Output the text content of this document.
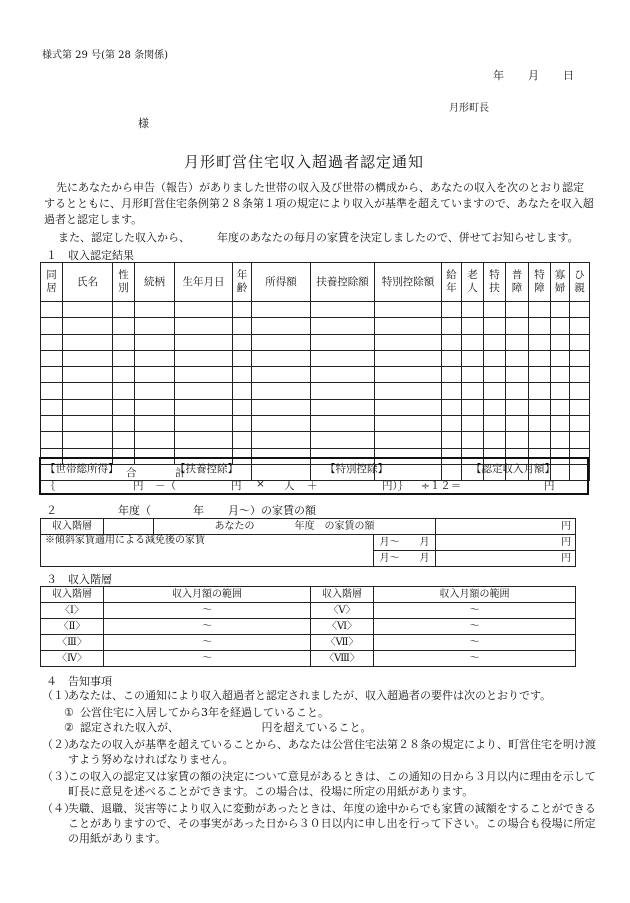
様式第 29 号(第 28 条関係)
年 月 日
月形町長
様
月形町営住宅収入超過者認定通知
先にあなたから申告（報告）がありました世帯の収入及び世帯の構成から、あなたの収入を次のとおり認定するとともに、月形町営住宅条例第２８条第１項の規定により収入が基準を超えていますので、あなたを収入超過者と認定します。
また、認定した収入から、 年度のあなたの毎月の家賃を決定しましたので、併せてお知らせします。
１　収入認定結果
同居	氏名	性別	続柄	生年月日	年齢	所得額	扶養控除額	特別控除額	給年	老人	特扶	普障	特障	寡婦	ひ親

合　計															
【世帯総所得】	【扶養控除】	【特別控除】	【認定収入月額】
｛	円 －（	円 × 人 ＋	円）｝ ÷１２＝	円
２	年度（	年 月～）の家賃の額
収入階層		あなたの　　　　 年度　 の家賃の額		円
※傾斜家賃適用による減免後の家賃			月～　　 月	円
			月～　　 月	円
３　収入階層
収入階層	収入月額の範囲	収入階層	収入月額の範囲
〈Ⅰ〉	～	〈Ⅴ〉	～
〈Ⅱ〉	～	〈Ⅵ〉	～
〈Ⅲ〉	～	〈Ⅶ〉	～
〈Ⅳ〉	～	〈Ⅷ〉	～
４　告知事項
（１）
あなたは、この通知により収入超過者と認定されましたが、収入超過者の要件は次のとおりです。
① 公営住宅に入居してから3年を経過していること。
② 認定された収入が、　　　　　　　　	円を超えていること。
（２）
あなたの収入が基準を超えていることから、あなたは公営住宅法第２８条の規定により、町営住宅を明け渡すよう努めなければなりません。
（３）
この収入の認定又は家賃の額の決定について意見があるときは、この通知の日から３月以内に理由を示して町長に意見を述べることができます。この場合は、役場に所定の用紙があります。
（４）
失職、退職、災害等により収入に変動があったときは、年度の途中からでも家賃の減額をすることができることがありますので、その事実があった日から３０日以内に申し出を行って下さい。この場合も役場に所定の用紙があります。
